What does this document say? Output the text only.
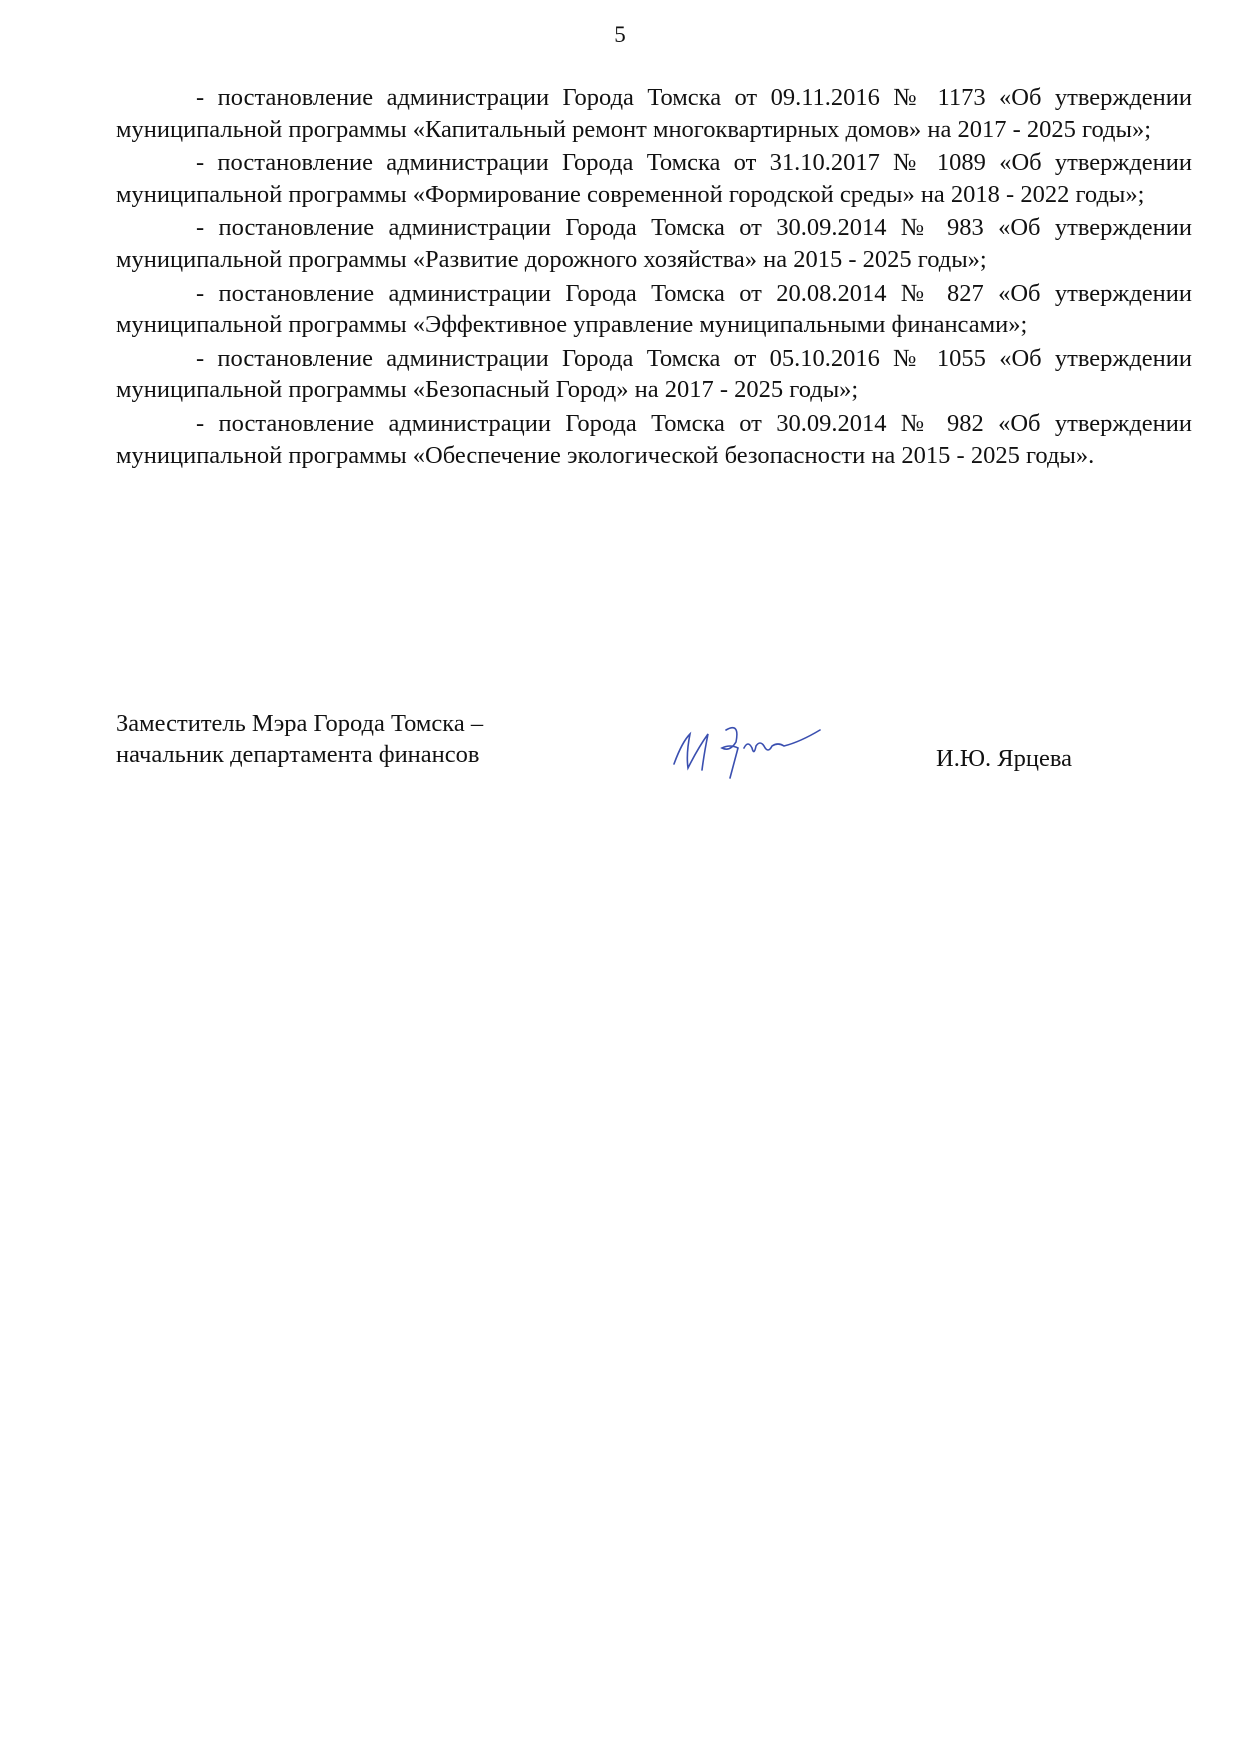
5

- постановление администрации Города Томска от 09.11.2016 № 1173 «Об утверждении муниципальной программы «Капитальный ремонт многоквартирных домов» на 2017 - 2025 годы»;

- постановление администрации Города Томска от 31.10.2017 № 1089 «Об утверждении муниципальной программы «Формирование современной городской среды» на 2018 - 2022 годы»;

- постановление администрации Города Томска от 30.09.2014 № 983 «Об утверждении муниципальной программы «Развитие дорожного хозяйства» на 2015 - 2025 годы»;

- постановление администрации Города Томска от 20.08.2014 № 827 «Об утверждении муниципальной программы «Эффективное управление муниципальными финансами»;

- постановление администрации Города Томска от 05.10.2016 № 1055 «Об утверждении муниципальной программы «Безопасный Город» на 2017 - 2025 годы»;

- постановление администрации Города Томска от 30.09.2014 № 982 «Об утверждении муниципальной программы «Обеспечение экологической безопасности на 2015 - 2025 годы».

Заместитель Мэра Города Томска –
начальник департамента финансов	И.Ю. Ярцева
